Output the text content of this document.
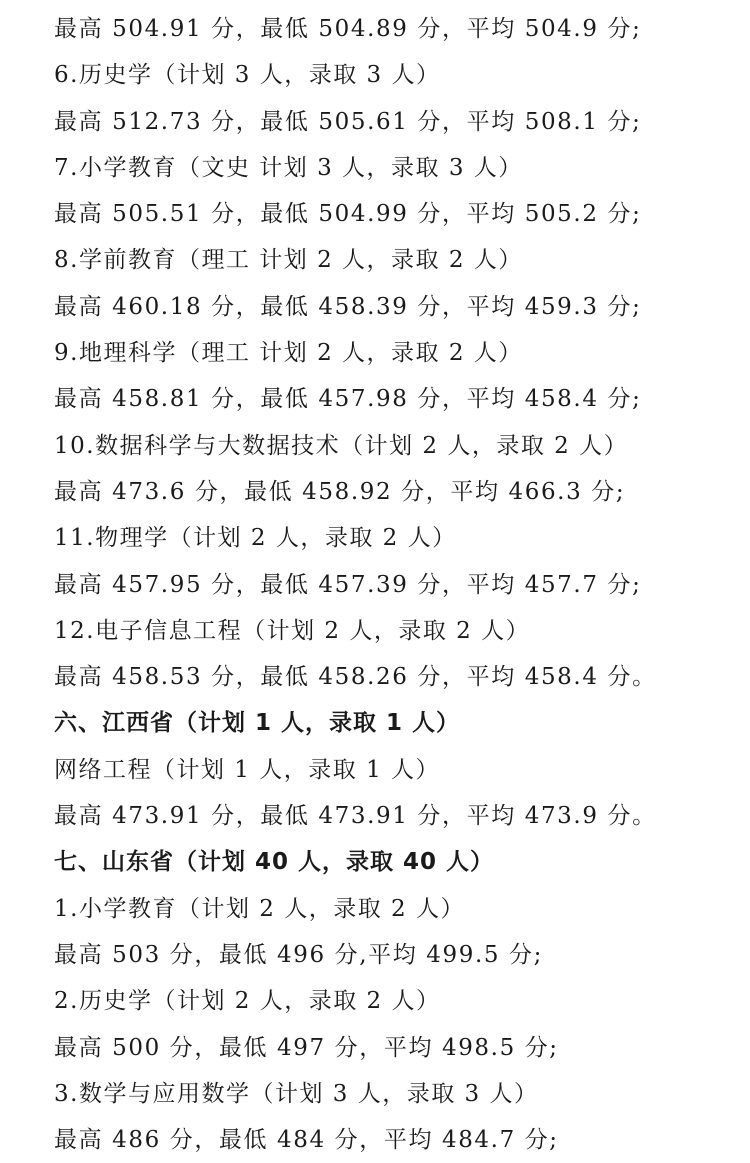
最高 504.91 分，最低 504.89 分，平均 504.9 分;
6.历史学（计划 3 人，录取 3 人）
最高 512.73 分，最低 505.61 分，平均 508.1 分;
7.小学教育（文史 计划 3 人，录取 3 人）
最高 505.51 分，最低 504.99 分，平均 505.2 分;
8.学前教育（理工 计划 2 人，录取 2 人）
最高 460.18 分，最低 458.39 分，平均 459.3 分;
9.地理科学（理工 计划 2 人，录取 2 人）
最高 458.81 分，最低 457.98 分，平均 458.4 分;
10.数据科学与大数据技术（计划 2 人，录取 2 人）
最高 473.6 分，最低 458.92 分，平均 466.3 分;
11.物理学（计划 2 人，录取 2 人）
最高 457.95 分，最低 457.39 分，平均 457.7 分;
12.电子信息工程（计划 2 人，录取 2 人）
最高 458.53 分，最低 458.26 分，平均 458.4 分。
六、江西省（计划 1 人，录取 1 人）
网络工程（计划 1 人，录取 1 人）
最高 473.91 分，最低 473.91 分，平均 473.9 分。
七、山东省（计划 40 人，录取 40 人）
1.小学教育（计划 2 人，录取 2 人）
最高 503 分，最低 496 分,平均 499.5 分;
2.历史学（计划 2 人，录取 2 人）
最高 500 分，最低 497 分，平均 498.5 分;
3.数学与应用数学（计划 3 人，录取 3 人）
最高 486 分，最低 484 分，平均 484.7 分;
